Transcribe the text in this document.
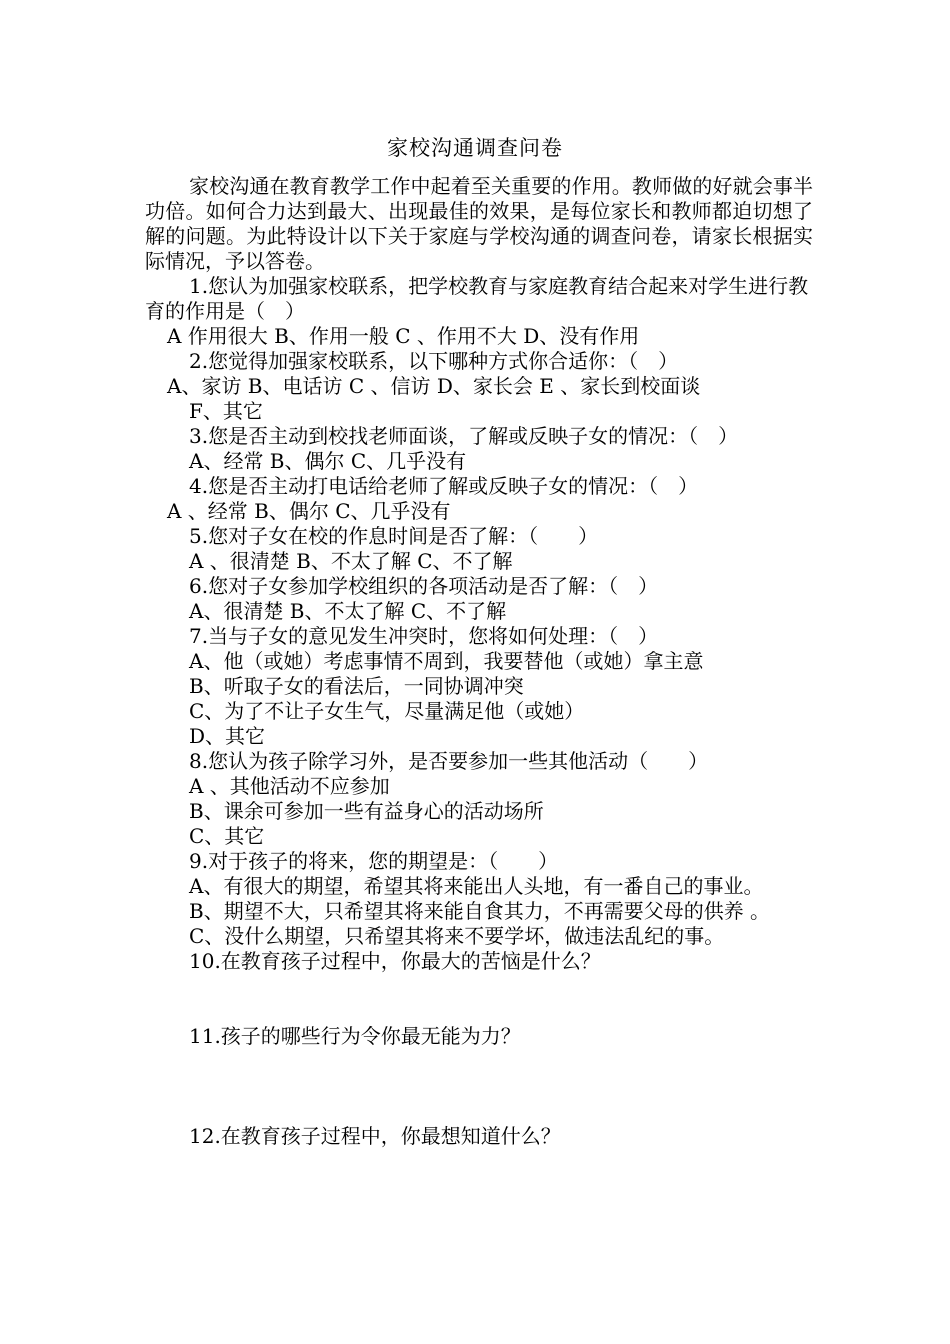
家校沟通调查问卷
家校沟通在教育教学工作中起着至关重要的作用。教师做的好就会事半功倍。如何合力达到最大、出现最佳的效果，是每位家长和教师都迫切想了解的问题。为此特设计以下关于家庭与学校沟通的调查问卷，请家长根据实际情况，予以答卷。
1.您认为加强家校联系，把学校教育与家庭教育结合起来对学生进行教育的作用是（　）
A 作用很大 B、作用一般 C 、作用不大 D、没有作用
2.您觉得加强家校联系，以下哪种方式你合适你：（　）
A、家访 B、电话访 C 、信访 D、家长会 E 、家长到校面谈
F、其它
3.您是否主动到校找老师面谈，了解或反映子女的情况：（　）
A、经常 B、偶尔 C、几乎没有
4.您是否主动打电话给老师了解或反映子女的情况：（　）
A 、经常 B、偶尔 C、几乎没有
5.您对子女在校的作息时间是否了解：（　　）
A 、很清楚 B、不太了解 C、不了解
6.您对子女参加学校组织的各项活动是否了解：（　）
A、很清楚 B、不太了解 C、不了解
7.当与子女的意见发生冲突时，您将如何处理：（　）
A、他（或她）考虑事情不周到，我要替他（或她）拿主意
B、听取子女的看法后，一同协调冲突
C、为了不让子女生气，尽量满足他（或她）
D、其它
8.您认为孩子除学习外，是否要参加一些其他活动（　　）
A 、其他活动不应参加
B、课余可参加一些有益身心的活动场所
C、其它
9.对于孩子的将来，您的期望是：（　　）
A、有很大的期望，希望其将来能出人头地，有一番自己的事业。
B、期望不大，只希望其将来能自食其力，不再需要父母的供养 。
C、没什么期望，只希望其将来不要学坏，做违法乱纪的事。
10.在教育孩子过程中，你最大的苦恼是什么？
11.孩子的哪些行为令你最无能为力？
12.在教育孩子过程中，你最想知道什么？
